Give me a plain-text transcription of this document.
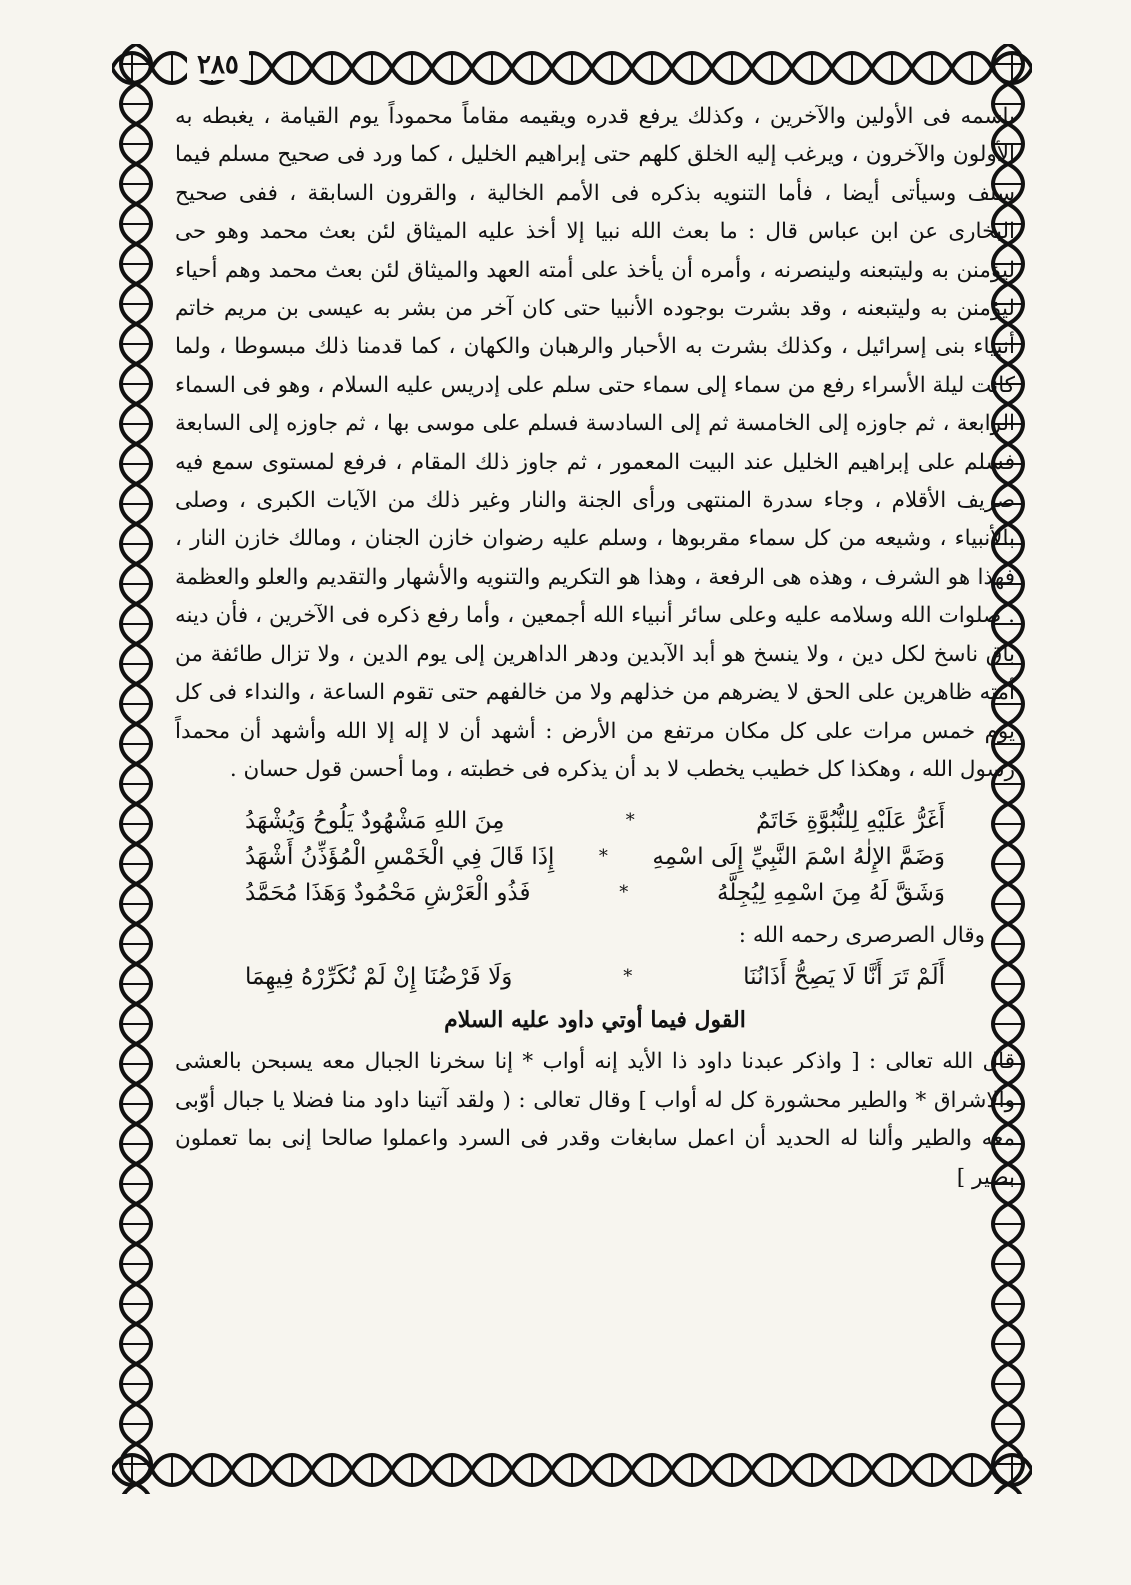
٢٨٥

باسمه فى الأولين والآخرين ، وكذلك يرفع قدره ويقيمه مقاماً محموداً يوم القيامة ، يغبطه به الأولون والآخرون ، ويرغب إليه الخلق كلهم حتى إبراهيم الخليل ، كما ورد فى صحيح مسلم فيما سلف وسيأتى أيضا ، فأما التنويه بذكره فى الأمم الخالية ، والقرون السابقة ، ففى صحيح البخارى عن ابن عباس قال : ما بعث الله نبيا إلا أخذ عليه الميثاق لئن بعث محمد وهو حى ليؤمنن به وليتبعنه ولينصرنه ، وأمره أن يأخذ على أمته العهد والميثاق لئن بعث محمد وهم أحياء ليؤمنن به وليتبعنه ، وقد بشرت بوجوده الأنبيا حتى كان آخر من بشر به عيسى بن مريم خاتم أنبياء بنى إسرائيل ، وكذلك بشرت به الأحبار والرهبان والكهان ، كما قدمنا ذلك مبسوطا ، ولما كانت ليلة الأسراء رفع من سماء إلى سماء حتى سلم على إدريس عليه السلام ، وهو فى السماء الرابعة ، ثم جاوزه إلى الخامسة ثم إلى السادسة فسلم على موسى بها ، ثم جاوزه إلى السابعة فسلم على إبراهيم الخليل عند البيت المعمور ، ثم جاوز ذلك المقام ، فرفع لمستوى سمع فيه صريف الأقلام ، وجاء سدرة المنتهى ورأى الجنة والنار وغير ذلك من الآيات الكبرى ، وصلى بالأنبياء ، وشيعه من كل سماء مقربوها ، وسلم عليه رضوان خازن الجنان ، ومالك خازن النار ، فهذا هو الشرف ، وهذه هى الرفعة ، وهذا هو التكريم والتنويه والأشهار والتقديم والعلو والعظمة . صلوات الله وسلامه عليه وعلى سائر أنبياء الله أجمعين ، وأما رفع ذكره فى الآخرين ، فأن دينه باق ناسخ لكل دين ، ولا ينسخ هو أبد الآبدين ودهر الداهرين إلى يوم الدين ، ولا تزال طائفة من أمته ظاهرين على الحق لا يضرهم من خذلهم ولا من خالفهم حتى تقوم الساعة ، والنداء فى كل يوم خمس مرات على كل مكان مرتفع من الأرض : أشهد أن لا إله إلا الله وأشهد أن محمداً رسول الله ، وهكذا كل خطيب يخطب لا بد أن يذكره فى خطبته ، وما أحسن قول حسان .

أَغَرُّ عَلَيْهِ لِلنُّبُوَّةِ خَاتَمٌ
*
مِنَ اللهِ مَشْهُودٌ يَلُوحُ وَيُشْهَدُ
وَضَمَّ الإِلٰهُ اسْمَ النَّبِيِّ إِلَى اسْمِهِ
*
إِذَا قَالَ فِي الْخَمْسِ الْمُؤَذِّنُ أَشْهَدُ
وَشَقَّ لَهُ مِنَ اسْمِهِ لِيُجِلَّهُ
*
فَذُو الْعَرْشِ مَحْمُودٌ وَهَذَا مُحَمَّدُ
وقال الصرصرى رحمه الله :
أَلَمْ تَرَ أَنَّا لَا يَصِحُّ أَذَانُنَا
*
وَلَا فَرْضُنَا إِنْ لَمْ نُكَرِّرْهُ فِيهِمَا
القول فيما أوتي داود عليه السلام

قال الله تعالى : [ واذكر عبدنا داود ذا الأيد إنه أواب * إنا سخرنا الجبال معه يسبحن بالعشى والاشراق * والطير محشورة كل له أواب ] وقال تعالى : ( ولقد آتينا داود منا فضلا يا جبال أوّبى معه والطير وألنا له الحديد أن اعمل سابغات وقدر فى السرد واعملوا صالحا إنى بما تعملون بصير ]
